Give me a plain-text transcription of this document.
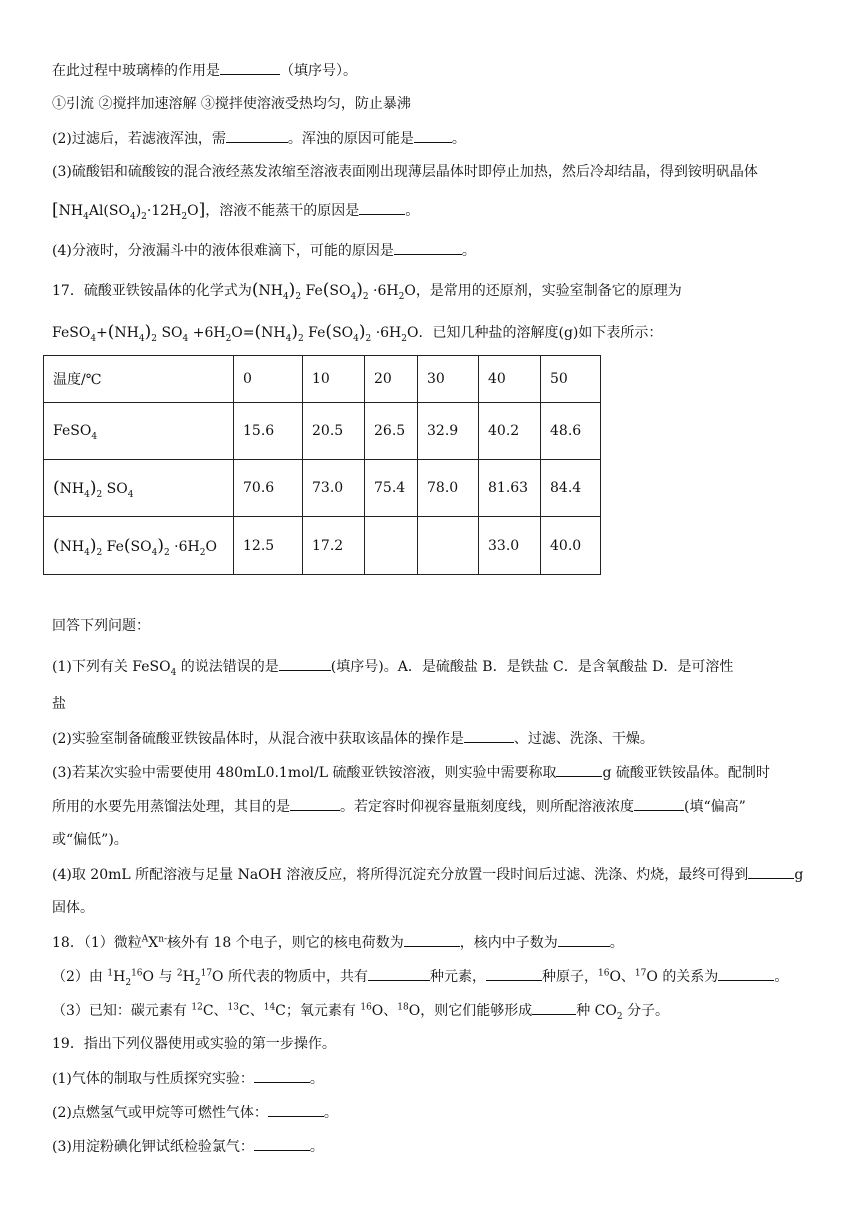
在此过程中玻璃棒的作用是	（填序号）。
①引流 ②搅拌加速溶解 ③搅拌使溶液受热均匀，防止暴沸
(2)过滤后，若滤液浑浊，需	。浑浊的原因可能是	。
(3)硫酸铝和硫酸铵的混合液经蒸发浓缩至溶液表面刚出现薄层晶体时即停止加热，然后冷却结晶，得到铵明矾晶体
$[NH_4Al(SO_4)_2\cdot 12H_2O]$，溶液不能蒸干的原因是	。
(4)分液时，分液漏斗中的液体很难滴下，可能的原因是	。
17．硫酸亚铁铵晶体的化学式为$(NH_4)_2$ $Fe(SO_4)_2 \cdot 6H_2O$，是常用的还原剂，实验室制备它的原理为
$FeSO_4+(NH_4)_2$ $SO_4 +6H_2O=(NH_4)_2$ $Fe(SO_4)_2 \cdot 6H_2O$．已知几种盐的溶解度(g)如下表所示：
温度/℃	0	10	20	30	40	50
FeSO$_4$	15.6	20.5	26.5	32.9	40.2	48.6
$(NH_4)_2$ $SO_4$	70.6	73.0	75.4	78.0	81.63	84.4
$(NH_4)_2$ $Fe(SO_4)_2 \cdot 6H_2O$	12.5	17.2			33.0	40.0
回答下列问题：
(1)下列有关 FeSO$_4$ 的说法错误的是	(填序号)。A．是硫酸盐 B．是铁盐 C．是含氧酸盐 D．是可溶性
盐
(2)实验室制备硫酸亚铁铵晶体时，从混合液中获取该晶体的操作是	、过滤、洗涤、干燥。
(3)若某次实验中需要使用 480mL0.1mol/L 硫酸亚铁铵溶液，则实验中需要称取	g 硫酸亚铁铵晶体。配制时
所用的水要先用蒸馏法处理，其目的是	。若定容时仰视容量瓶刻度线，则所配溶液浓度	(填“偏高”
或“偏低”)。
(4)取 20mL 所配溶液与足量 NaOH 溶液反应，将所得沉淀充分放置一段时间后过滤、洗涤、灼烧，最终可得到	g
固体。
18．（1）微粒$^AX^{n-}$核外有 18 个电子，则它的核电荷数为	，核内中子数为	。
（2）由 $^1H_2^{16}O$ 与 $^2H_2^{17}O$ 所代表的物质中，共有	种元素，	种原子，$^{16}$O、$^{17}$O 的关系为	。
（3）已知：碳元素有 $^{12}$C、$^{13}$C、$^{14}$C；氧元素有 $^{16}$O、$^{18}$O，则它们能够形成	种 $CO_2$ 分子。
19．指出下列仪器使用或实验的第一步操作。
(1)气体的制取与性质探究实验：	。
(2)点燃氢气或甲烷等可燃性气体：	。
(3)用淀粉碘化钾试纸检验氯气：	。
